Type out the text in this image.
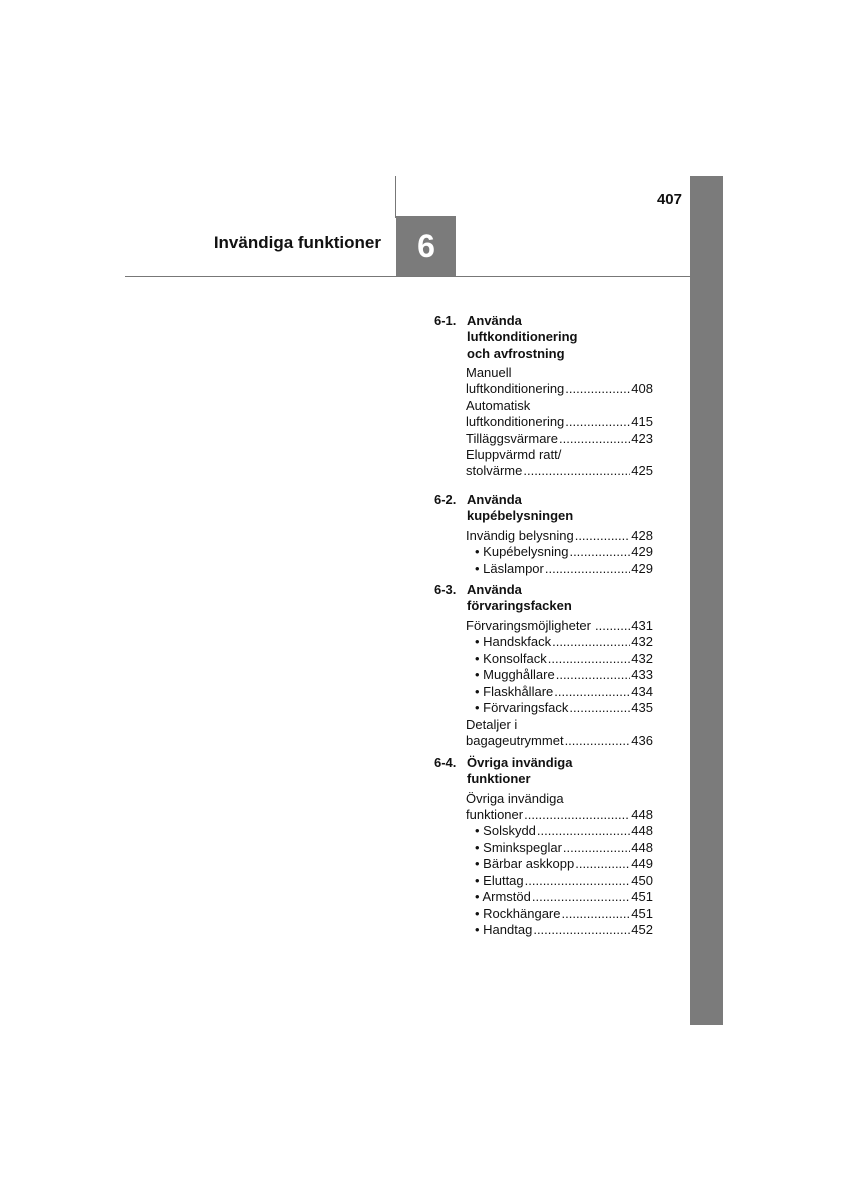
407
Invändiga funktioner 6
6-1. Använda
luftkonditionering
och avfrostning
Manuell
luftkonditionering .....	408
Automatisk
luftkonditionering .....	415
Tilläggsvärmare .....	423
Eluppvärmd ratt/
stolvärme .....	425
6-2. Använda
kupébelysningen
Invändig belysning .....	428
• Kupébelysning .....	429
• Läslampor .....	429
6-3. Använda
förvaringsfacken
Förvaringsmöjligheter .....	431
• Handskfack .....	432
• Konsolfack .....	432
• Mugghållare .....	433
• Flaskhållare .....	434
• Förvaringsfack .....	435
Detaljer i
bagageutrymmet .....	436
6-4. Övriga invändiga
funktioner
Övriga invändiga
funktioner .....	448
• Solskydd .....	448
• Sminkspeglar .....	448
• Bärbar askkopp .....	449
• Eluttag .....	450
• Armstöd .....	451
• Rockhängare .....	451
• Handtag .....	452
